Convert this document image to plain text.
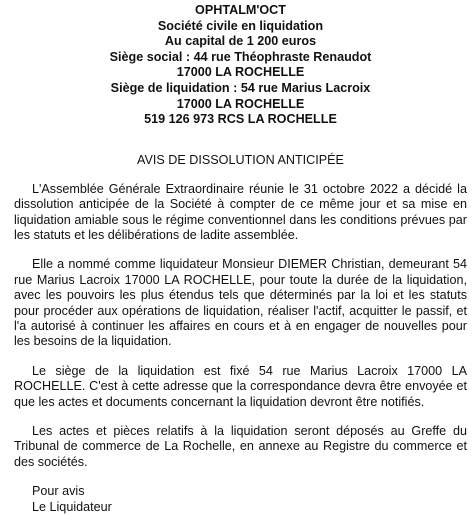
OPHTALM'OCT
Société civile en liquidation
Au capital de 1 200 euros
Siège social : 44 rue Théophraste Renaudot
17000 LA ROCHELLE
Siège de liquidation : 54 rue Marius Lacroix
17000 LA ROCHELLE
519 126 973 RCS LA ROCHELLE
AVIS DE DISSOLUTION ANTICIPÉE

L'Assemblée Générale Extraordinaire réunie le 31 octobre 2022 a décidé la dissolution anticipée de la Société à compter de ce même jour et sa mise en liquidation amiable sous le régime conventionnel dans les conditions prévues par les statuts et les délibérations de ladite assemblée.

Elle a nommé comme liquidateur Monsieur DIEMER Christian, demeurant 54 rue Marius Lacroix 17000 LA ROCHELLE, pour toute la durée de la liquidation, avec les pouvoirs les plus étendus tels que déterminés par la loi et les statuts pour procéder aux opérations de liquidation, réaliser l'actif, acquitter le passif, et l'a autorisé à continuer les affaires en cours et à en engager de nouvelles pour les besoins de la liquidation.

Le siège de la liquidation est fixé 54 rue Marius Lacroix 17000 LA ROCHELLE. C'est à cette adresse que la correspondance devra être envoyée et que les actes et documents concernant la liquidation devront être notifiés.

Les actes et pièces relatifs à la liquidation seront déposés au Greffe du Tribunal de commerce de La Rochelle, en annexe au Registre du commerce et des sociétés.

Pour avis
Le Liquidateur
